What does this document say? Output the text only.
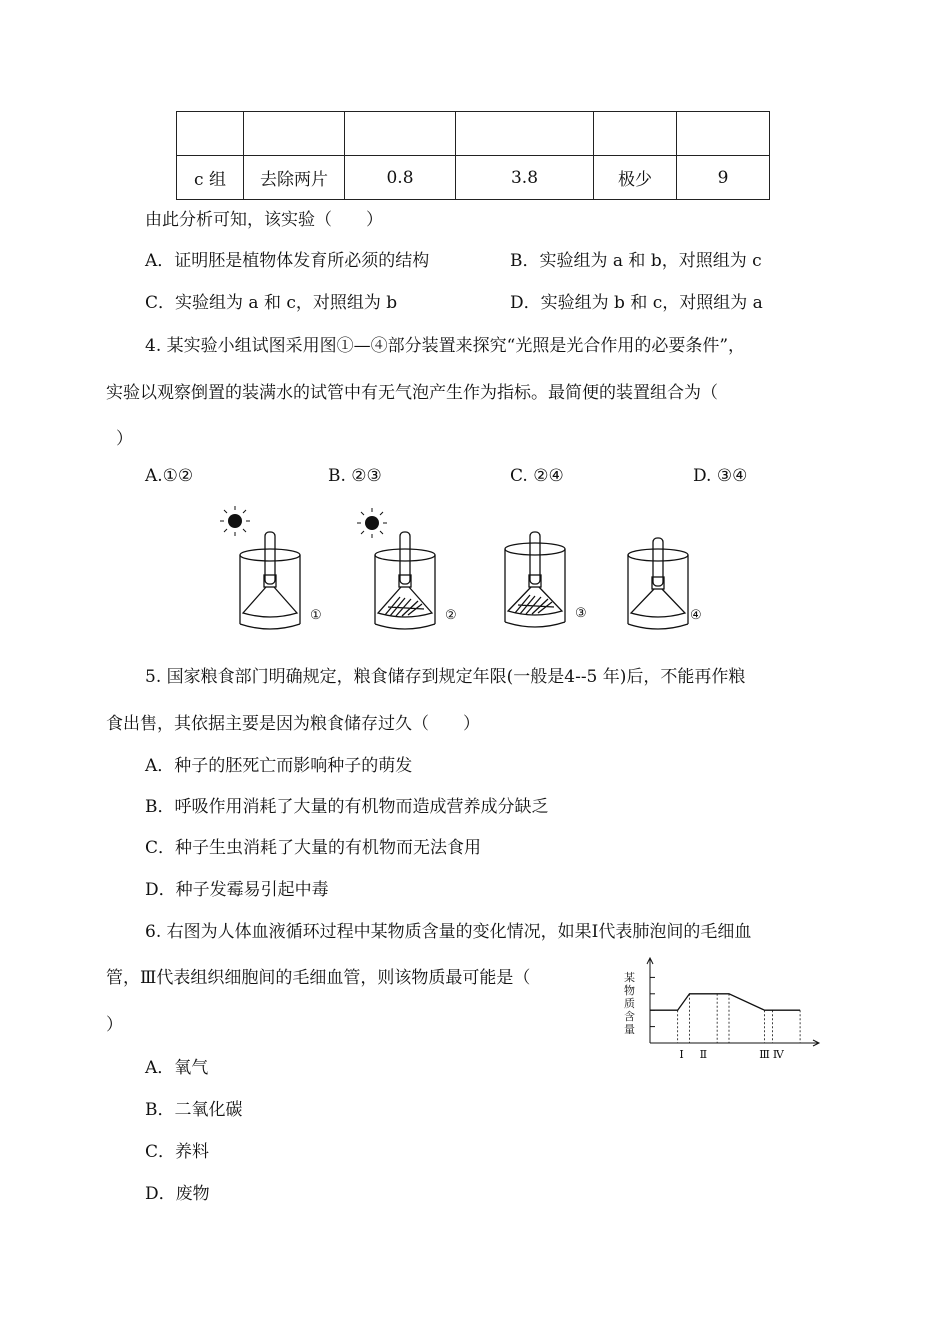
c 组	去除两片	0.8	3.8	极少	9
由此分析可知，该实验（　　）
A．证明胚是植物体发育所必须的结构	B．实验组为 a 和 b，对照组为 c
C．实验组为 a 和 c，对照组为 b	D．实验组为 b 和 c，对照组为 a
4. 某实验小组试图采用图①—④部分装置来探究“光照是光合作用的必要条件”，
实验以观察倒置的装满水的试管中有无气泡产生作为指标。最简便的装置组合为（
）
A.①②	B. ②③	C. ②④	D. ③④
①	②	③	④
5. 国家粮食部门明确规定，粮食储存到规定年限(一般是4--5 年)后，不能再作粮
食出售，其依据主要是因为粮食储存过久（　　）
A．种子的胚死亡而影响种子的萌发
B．呼吸作用消耗了大量的有机物而造成营养成分缺乏
C．种子生虫消耗了大量的有机物而无法食用
D．种子发霉易引起中毒
6. 右图为人体血液循环过程中某物质含量的变化情况，如果Ⅰ代表肺泡间的毛细血
管，Ⅲ代表组织细胞间的毛细血管，则该物质最可能是（
）
A．氧气
B．二氧化碳
C．养料
D．废物
某物质含量
Ⅰ Ⅱ	Ⅲ Ⅳ
